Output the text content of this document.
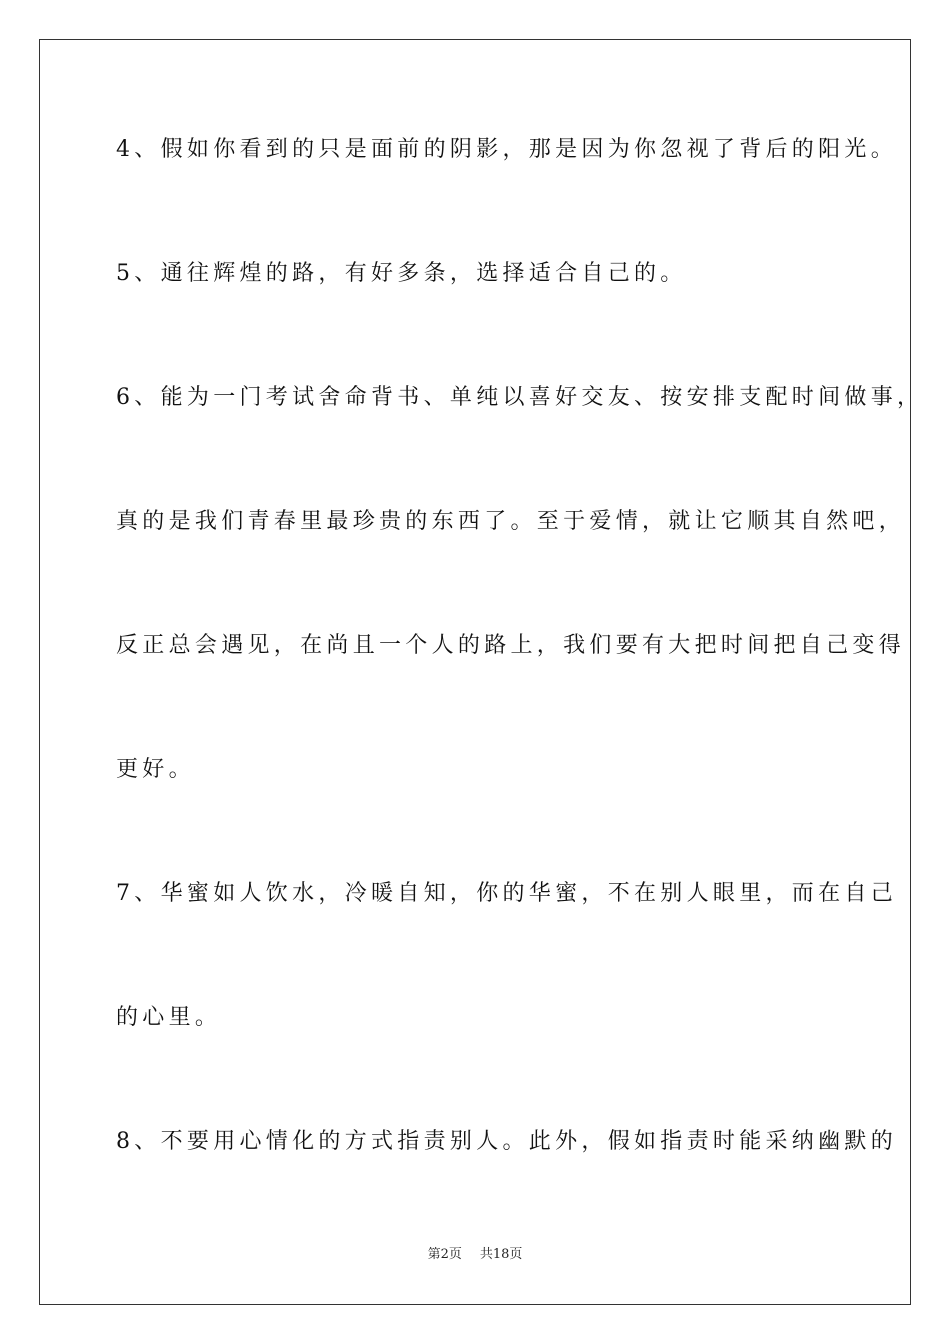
4、假如你看到的只是面前的阴影，那是因为你忽视了背后的阳光。
5、通往辉煌的路，有好多条，选择适合自己的。
6、能为一门考试舍命背书、单纯以喜好交友、按安排支配时间做事，
真的是我们青春里最珍贵的东西了。至于爱情，就让它顺其自然吧，
反正总会遇见，在尚且一个人的路上，我们要有大把时间把自己变得
更好。
7、华蜜如人饮水，冷暖自知，你的华蜜，不在别人眼里，而在自己
的心里。
8、不要用心情化的方式指责别人。此外，假如指责时能采纳幽默的
第2页 共18页
